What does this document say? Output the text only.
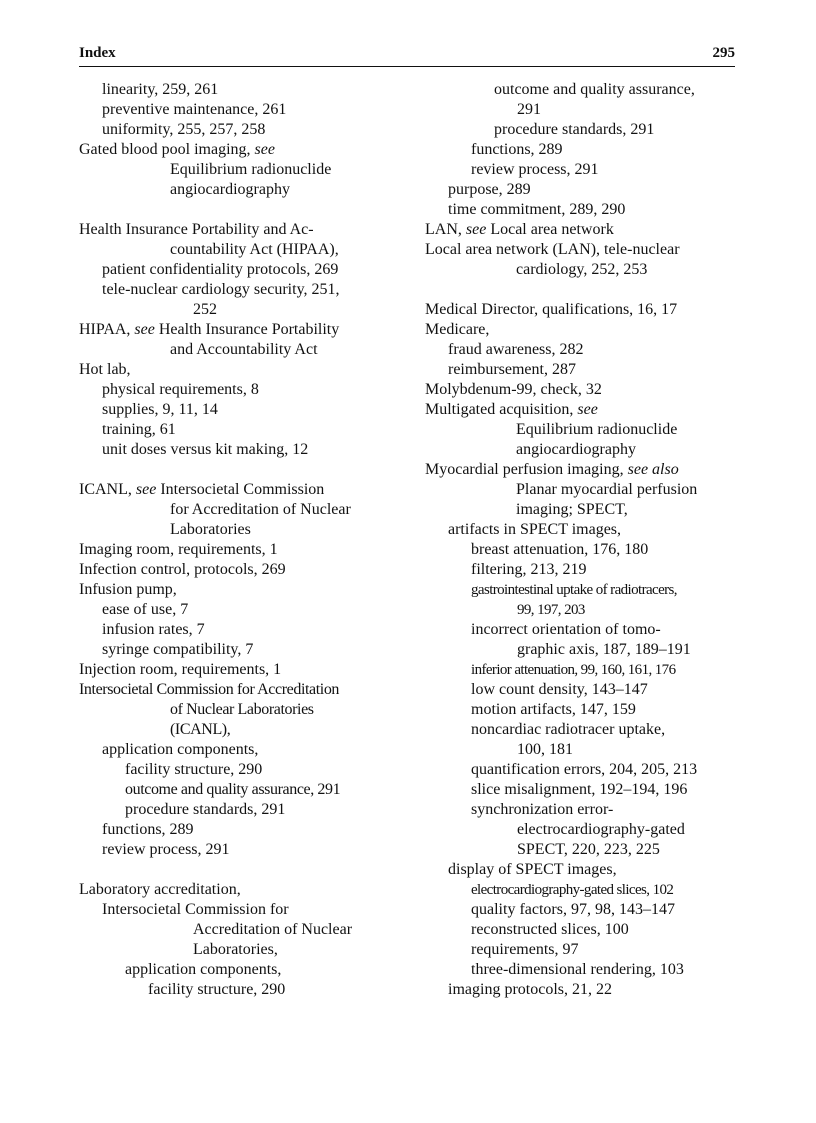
Index	295
linearity, 259, 261
preventive maintenance, 261
uniformity, 255, 257, 258
Gated blood pool imaging, see
Equilibrium radionuclide
angiocardiography
Health Insurance Portability and Ac-
countability Act (HIPAA),
patient confidentiality protocols, 269
tele-nuclear cardiology security, 251,
252
HIPAA, see Health Insurance Portability
and Accountability Act
Hot lab,
physical requirements, 8
supplies, 9, 11, 14
training, 61
unit doses versus kit making, 12
ICANL, see Intersocietal Commission
for Accreditation of Nuclear
Laboratories
Imaging room, requirements, 1
Infection control, protocols, 269
Infusion pump,
ease of use, 7
infusion rates, 7
syringe compatibility, 7
Injection room, requirements, 1
Intersocietal Commission for Accreditation
of Nuclear Laboratories
(ICANL),
application components,
facility structure, 290
outcome and quality assurance, 291
procedure standards, 291
functions, 289
review process, 291
Laboratory accreditation,
Intersocietal Commission for
Accreditation of Nuclear
Laboratories,
application components,
facility structure, 290
outcome and quality assurance,
291
procedure standards, 291
functions, 289
review process, 291
purpose, 289
time commitment, 289, 290
LAN, see Local area network
Local area network (LAN), tele-nuclear
cardiology, 252, 253
Medical Director, qualifications, 16, 17
Medicare,
fraud awareness, 282
reimbursement, 287
Molybdenum-99, check, 32
Multigated acquisition, see
Equilibrium radionuclide
angiocardiography
Myocardial perfusion imaging, see also
Planar myocardial perfusion
imaging; SPECT,
artifacts in SPECT images,
breast attenuation, 176, 180
filtering, 213, 219
gastrointestinal uptake of radiotracers,
99, 197, 203
incorrect orientation of tomo-
graphic axis, 187, 189–191
inferior attenuation, 99, 160, 161, 176
low count density, 143–147
motion artifacts, 147, 159
noncardiac radiotracer uptake,
100, 181
quantification errors, 204, 205, 213
slice misalignment, 192–194, 196
synchronization error-
electrocardiography-gated
SPECT, 220, 223, 225
display of SPECT images,
electrocardiography-gated slices, 102
quality factors, 97, 98, 143–147
reconstructed slices, 100
requirements, 97
three-dimensional rendering, 103
imaging protocols, 21, 22
